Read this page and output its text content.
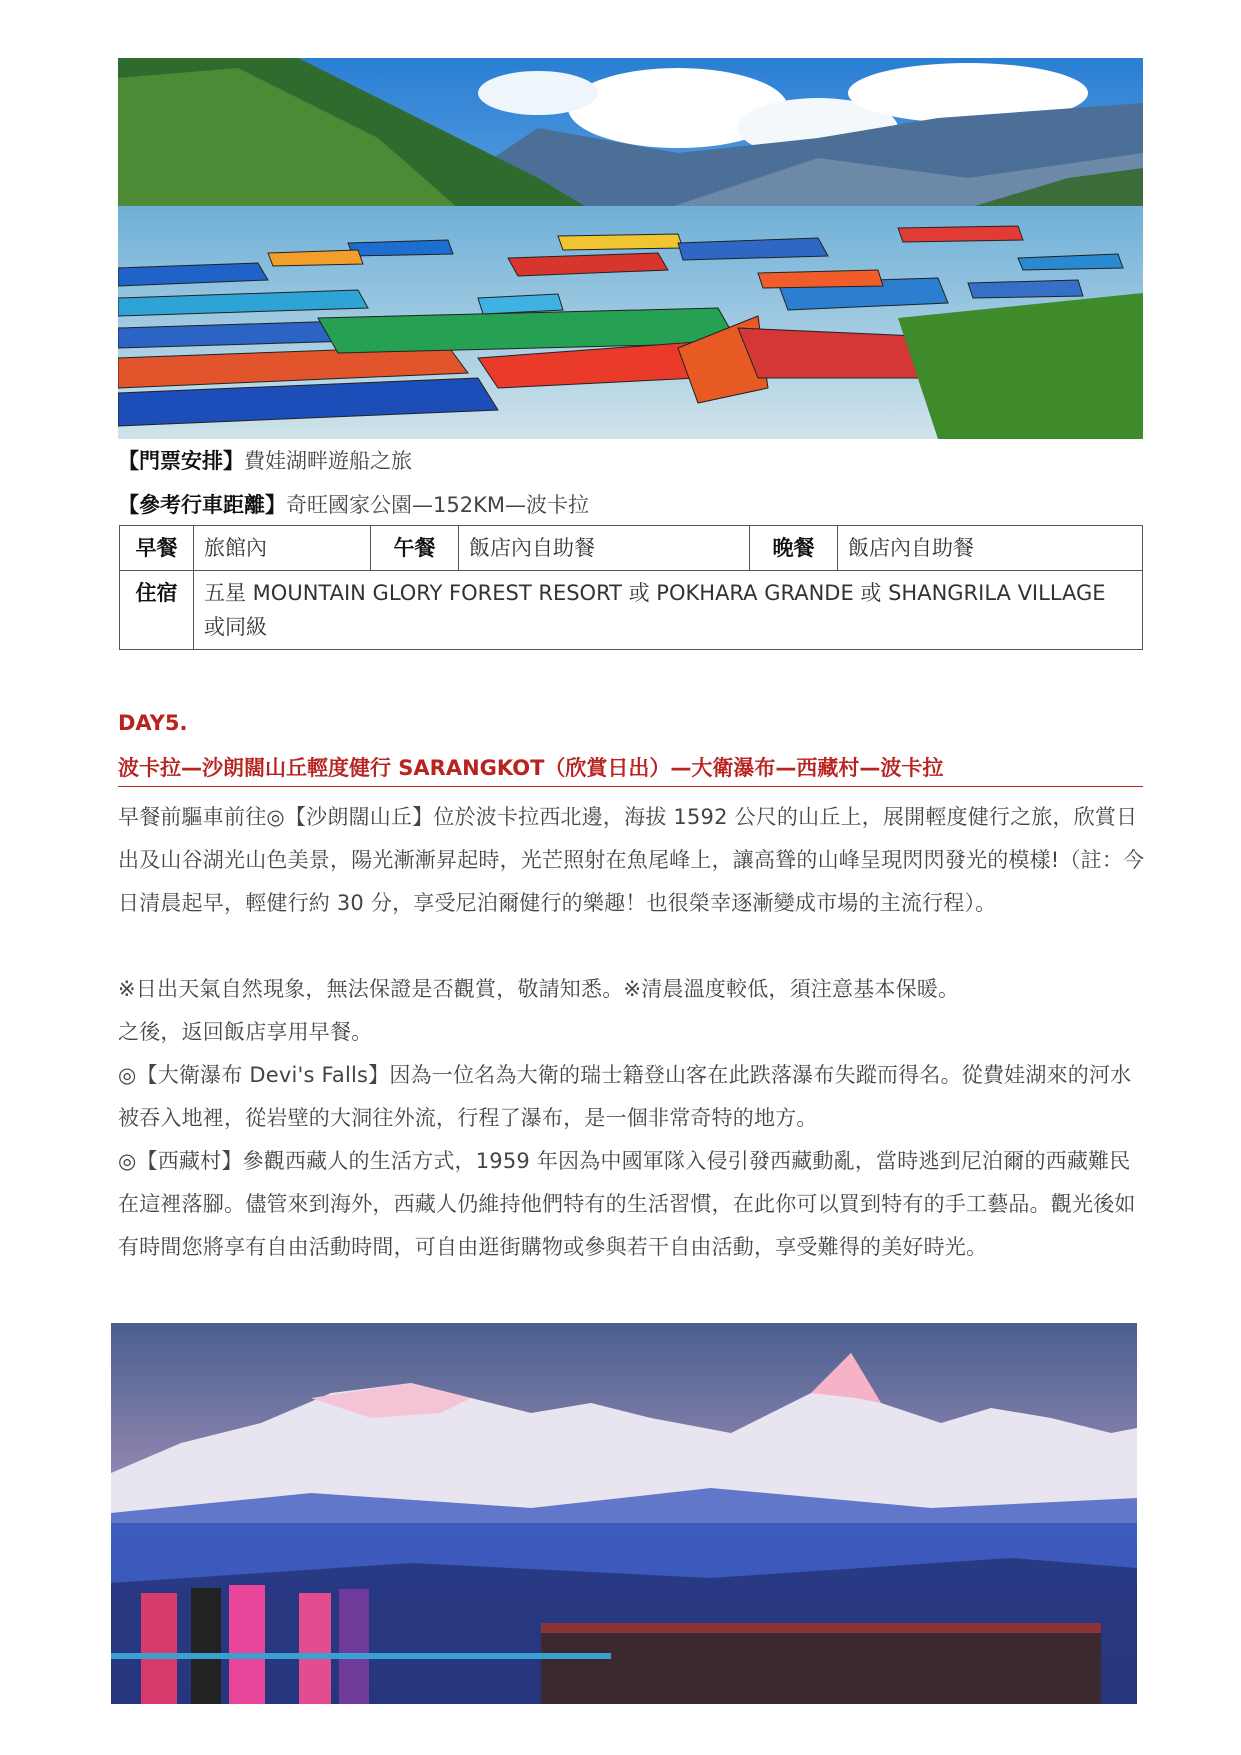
【門票安排】費娃湖畔遊船之旅
【參考行車距離】奇旺國家公園—152KM—波卡拉
早餐	旅館內	午餐	飯店內自助餐	晚餐	飯店內自助餐
住宿	五星 MOUNTAIN GLORY FOREST RESORT 或 POKHARA GRANDE 或 SHANGRILA VILLAGE 或同級				
DAY5.
波卡拉—沙朗闊山丘輕度健行 SARANGKOT（欣賞日出）—大衛瀑布—西藏村—波卡拉
早餐前驅車前往◎【沙朗闊山丘】位於波卡拉西北邊，海拔 1592 公尺的山丘上，展開輕度健行之旅，欣賞日出及山谷湖光山色美景，陽光漸漸昇起時，光芒照射在魚尾峰上，讓高聳的山峰呈現閃閃發光的模樣!（註：今日清晨起早，輕健行約 30 分，享受尼泊爾健行的樂趣！也很榮幸逐漸變成市場的主流行程）。
※日出天氣自然現象，無法保證是否觀賞，敬請知悉。※清晨溫度較低，須注意基本保暖。
之後，返回飯店享用早餐。
◎【大衛瀑布 Devi's Falls】因為一位名為大衛的瑞士籍登山客在此跌落瀑布失蹤而得名。從費娃湖來的河水被吞入地裡，從岩壁的大洞往外流，行程了瀑布，是一個非常奇特的地方。
◎【西藏村】參觀西藏人的生活方式，1959 年因為中國軍隊入侵引發西藏動亂，當時逃到尼泊爾的西藏難民在這裡落腳。儘管來到海外，西藏人仍維持他們特有的生活習慣，在此你可以買到特有的手工藝品。觀光後如有時間您將享有自由活動時間，可自由逛街購物或參與若干自由活動，享受難得的美好時光。
